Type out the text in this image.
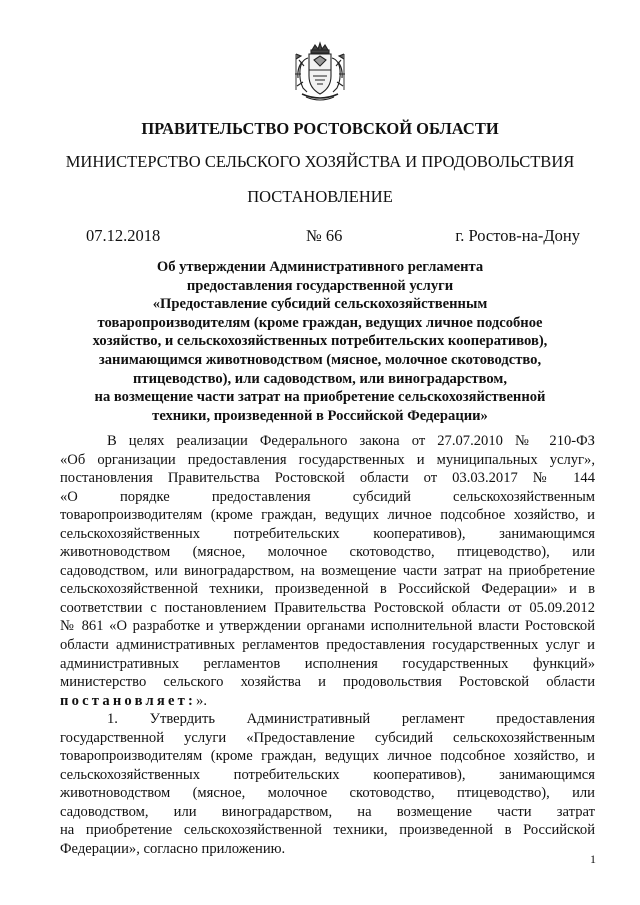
ПРАВИТЕЛЬСТВО РОСТОВСКОЙ ОБЛАСТИ
МИНИСТЕРСТВО СЕЛЬСКОГО ХОЗЯЙСТВА И ПРОДОВОЛЬСТВИЯ
ПОСТАНОВЛЕНИЕ
07.12.2018	№ 66	г. Ростов-на-Дону
Об утверждении Административного регламента
предоставления государственной услуги
«Предоставление субсидий сельскохозяйственным
товаропроизводителям (кроме граждан, ведущих личное подсобное
хозяйство, и сельскохозяйственных потребительских кооперативов),
занимающимся животноводством (мясное, молочное скотоводство,
птицеводство), или садоводством, или виноградарством,
на возмещение части затрат на приобретение сельскохозяйственной
техники, произведенной в Российской Федерации»
В целях реализации Федерального закона от 27.07.2010 № 210-ФЗ
«Об организации предоставления государственных и муниципальных услуг»,
постановления Правительства Ростовской области от 03.03.2017 № 144
«О порядке предоставления субсидий сельскохозяйственным
товаропроизводителям (кроме граждан, ведущих личное подсобное хозяйство, и
сельскохозяйственных потребительских кооперативов), занимающимся
животноводством (мясное, молочное скотоводство, птицеводство), или
садоводством, или виноградарством, на возмещение части затрат на приобретение
сельскохозяйственной техники, произведенной в Российской Федерации» и в
соответствии с постановлением Правительства Ростовской области от 05.09.2012
№ 861 «О разработке и утверждении органами исполнительной власти Ростовской
области административных регламентов предоставления государственных услуг и
административных регламентов исполнения государственных функций»
министерство сельского хозяйства и продовольствия Ростовской области
постановляет:».
1. Утвердить Административный регламент предоставления
государственной услуги «Предоставление субсидий сельскохозяйственным
товаропроизводителям (кроме граждан, ведущих личное подсобное хозяйство, и
сельскохозяйственных потребительских кооперативов), занимающимся
животноводством (мясное, молочное скотоводство, птицеводство), или
садоводством, или виноградарством, на возмещение части затрат
на приобретение сельскохозяйственной техники, произведенной в Российской
Федерации», согласно приложению.
1
